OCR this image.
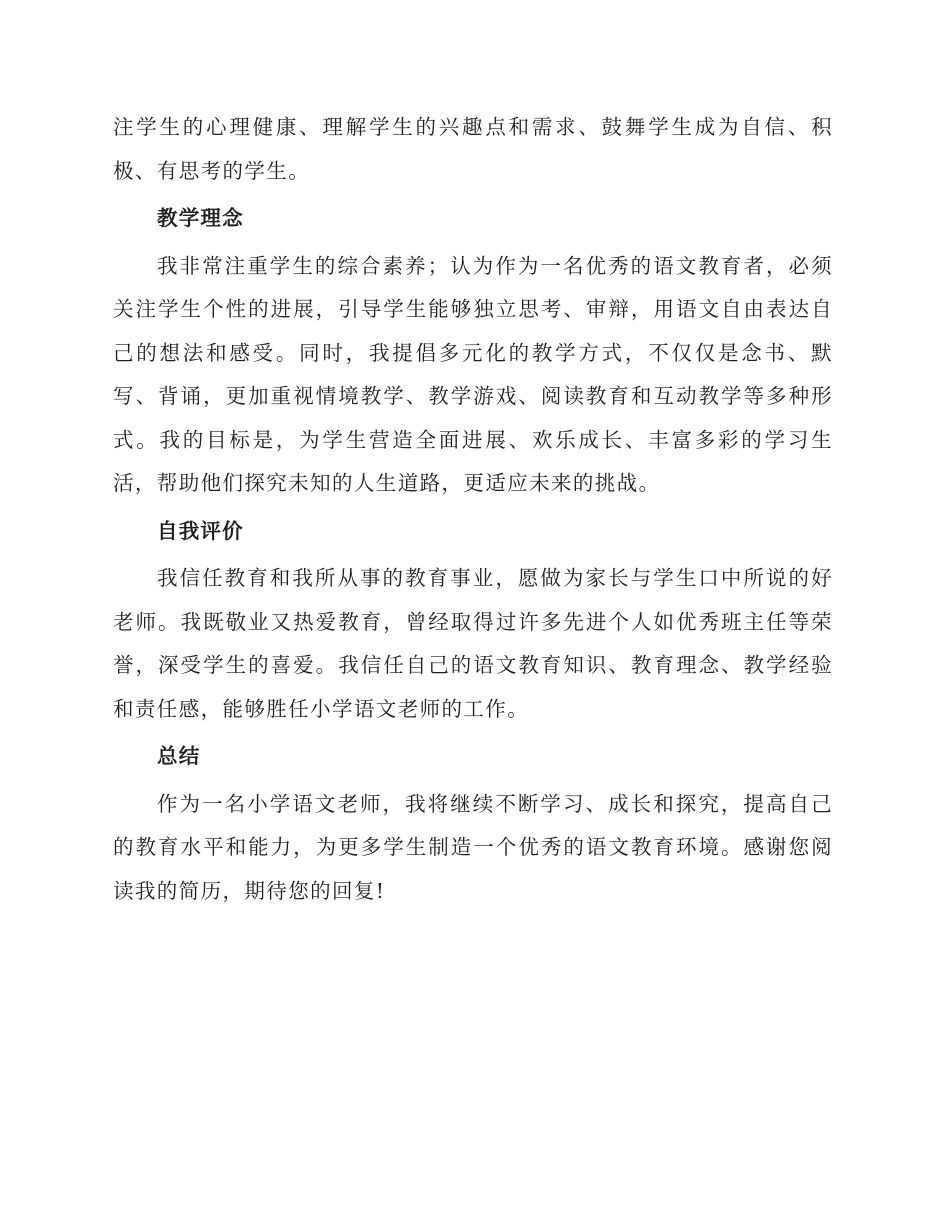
注学生的心理健康、理解学生的兴趣点和需求、鼓舞学生成为自信、积极、有思考的学生。

教学理念

我非常注重学生的综合素养；认为作为一名优秀的语文教育者，必须关注学生个性的进展，引导学生能够独立思考、审辩，用语文自由表达自己的想法和感受。同时，我提倡多元化的教学方式，不仅仅是念书、默写、背诵，更加重视情境教学、教学游戏、阅读教育和互动教学等多种形式。我的目标是，为学生营造全面进展、欢乐成长、丰富多彩的学习生活，帮助他们探究未知的人生道路，更适应未来的挑战。

自我评价

我信任教育和我所从事的教育事业，愿做为家长与学生口中所说的好老师。我既敬业又热爱教育，曾经取得过许多先进个人如优秀班主任等荣誉，深受学生的喜爱。我信任自己的语文教育知识、教育理念、教学经验和责任感，能够胜任小学语文老师的工作。

总结

作为一名小学语文老师，我将继续不断学习、成长和探究，提高自己的教育水平和能力，为更多学生制造一个优秀的语文教育环境。感谢您阅读我的简历，期待您的回复!
